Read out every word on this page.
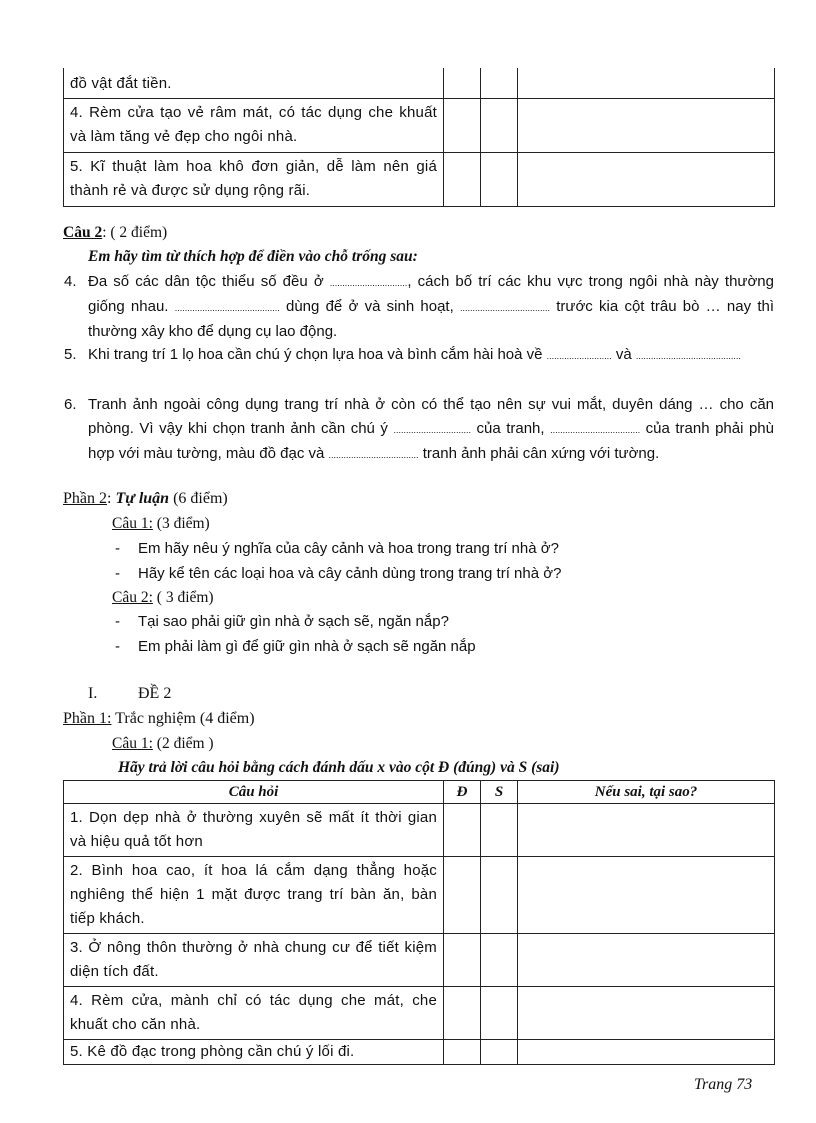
đồ vật đắt tiền.			
4. Rèm cửa tạo vẻ râm mát, có tác dụng che khuất và làm tăng vẻ đẹp cho ngôi nhà.			
5. Kĩ thuật làm hoa khô đơn giản, dễ làm nên giá thành rẻ và được sử dụng rộng rãi.			
Câu 2: ( 2 điểm)
Em hãy tìm từ thích hợp để điền vào chỗ trống sau:
4. Đa số các dân tộc thiểu số đều ở ..............................., cách bố trí các khu vực trong ngôi nhà này thường giống nhau. .......................................... dùng để ở và sinh hoạt, .................................... trước kia cột trâu bò … nay thì thường xây kho để dụng cụ lao động.
5. Khi trang trí 1 lọ hoa cần chú ý chọn lựa hoa và bình cắm hài hoà về .......................... và ..........................................
6. Tranh ảnh ngoài công dụng trang trí nhà ở còn có thể tạo nên sự vui mắt, duyên dáng … cho căn phòng. Vì vậy khi chọn tranh ảnh cần chú ý ............................... của tranh, .................................... của tranh phải phù hợp với màu tường, màu đồ đạc và .................................... tranh ảnh phải cân xứng với tường.
Phần 2: Tự luận (6 điểm)
Câu 1: (3 điểm)
- Em hãy nêu ý nghĩa của cây cảnh và hoa trong trang trí nhà ở?
- Hãy kể tên các loại hoa và cây cảnh dùng trong trang trí nhà ở?
Câu 2: ( 3 điểm)
- Tại sao phải giữ gìn nhà ở sạch sẽ, ngăn nắp?
- Em phải làm gì để giữ gìn nhà ở sạch sẽ ngăn nắp
I.	ĐỀ 2
Phần 1: Trắc nghiệm (4 điểm)
Câu 1: (2 điểm )
Hãy trả lời câu hỏi bằng cách đánh dấu x vào cột Đ (đúng) và S (sai)
Câu hỏi	Đ	S	Nếu sai, tại sao?
1. Dọn dẹp nhà ở thường xuyên sẽ mất ít thời gian và hiệu quả tốt hơn			
2. Bình hoa cao, ít hoa lá cắm dạng thẳng hoặc nghiêng thể hiện 1 mặt được trang trí bàn ăn, bàn tiếp khách.			
3. Ở nông thôn thường ở nhà chung cư để tiết kiệm diện tích đất.			
4. Rèm cửa, mành chỉ có tác dụng che mát, che khuất cho căn nhà.			
5. Kê đồ đạc trong phòng cần chú ý lối đi.			
Trang 73
